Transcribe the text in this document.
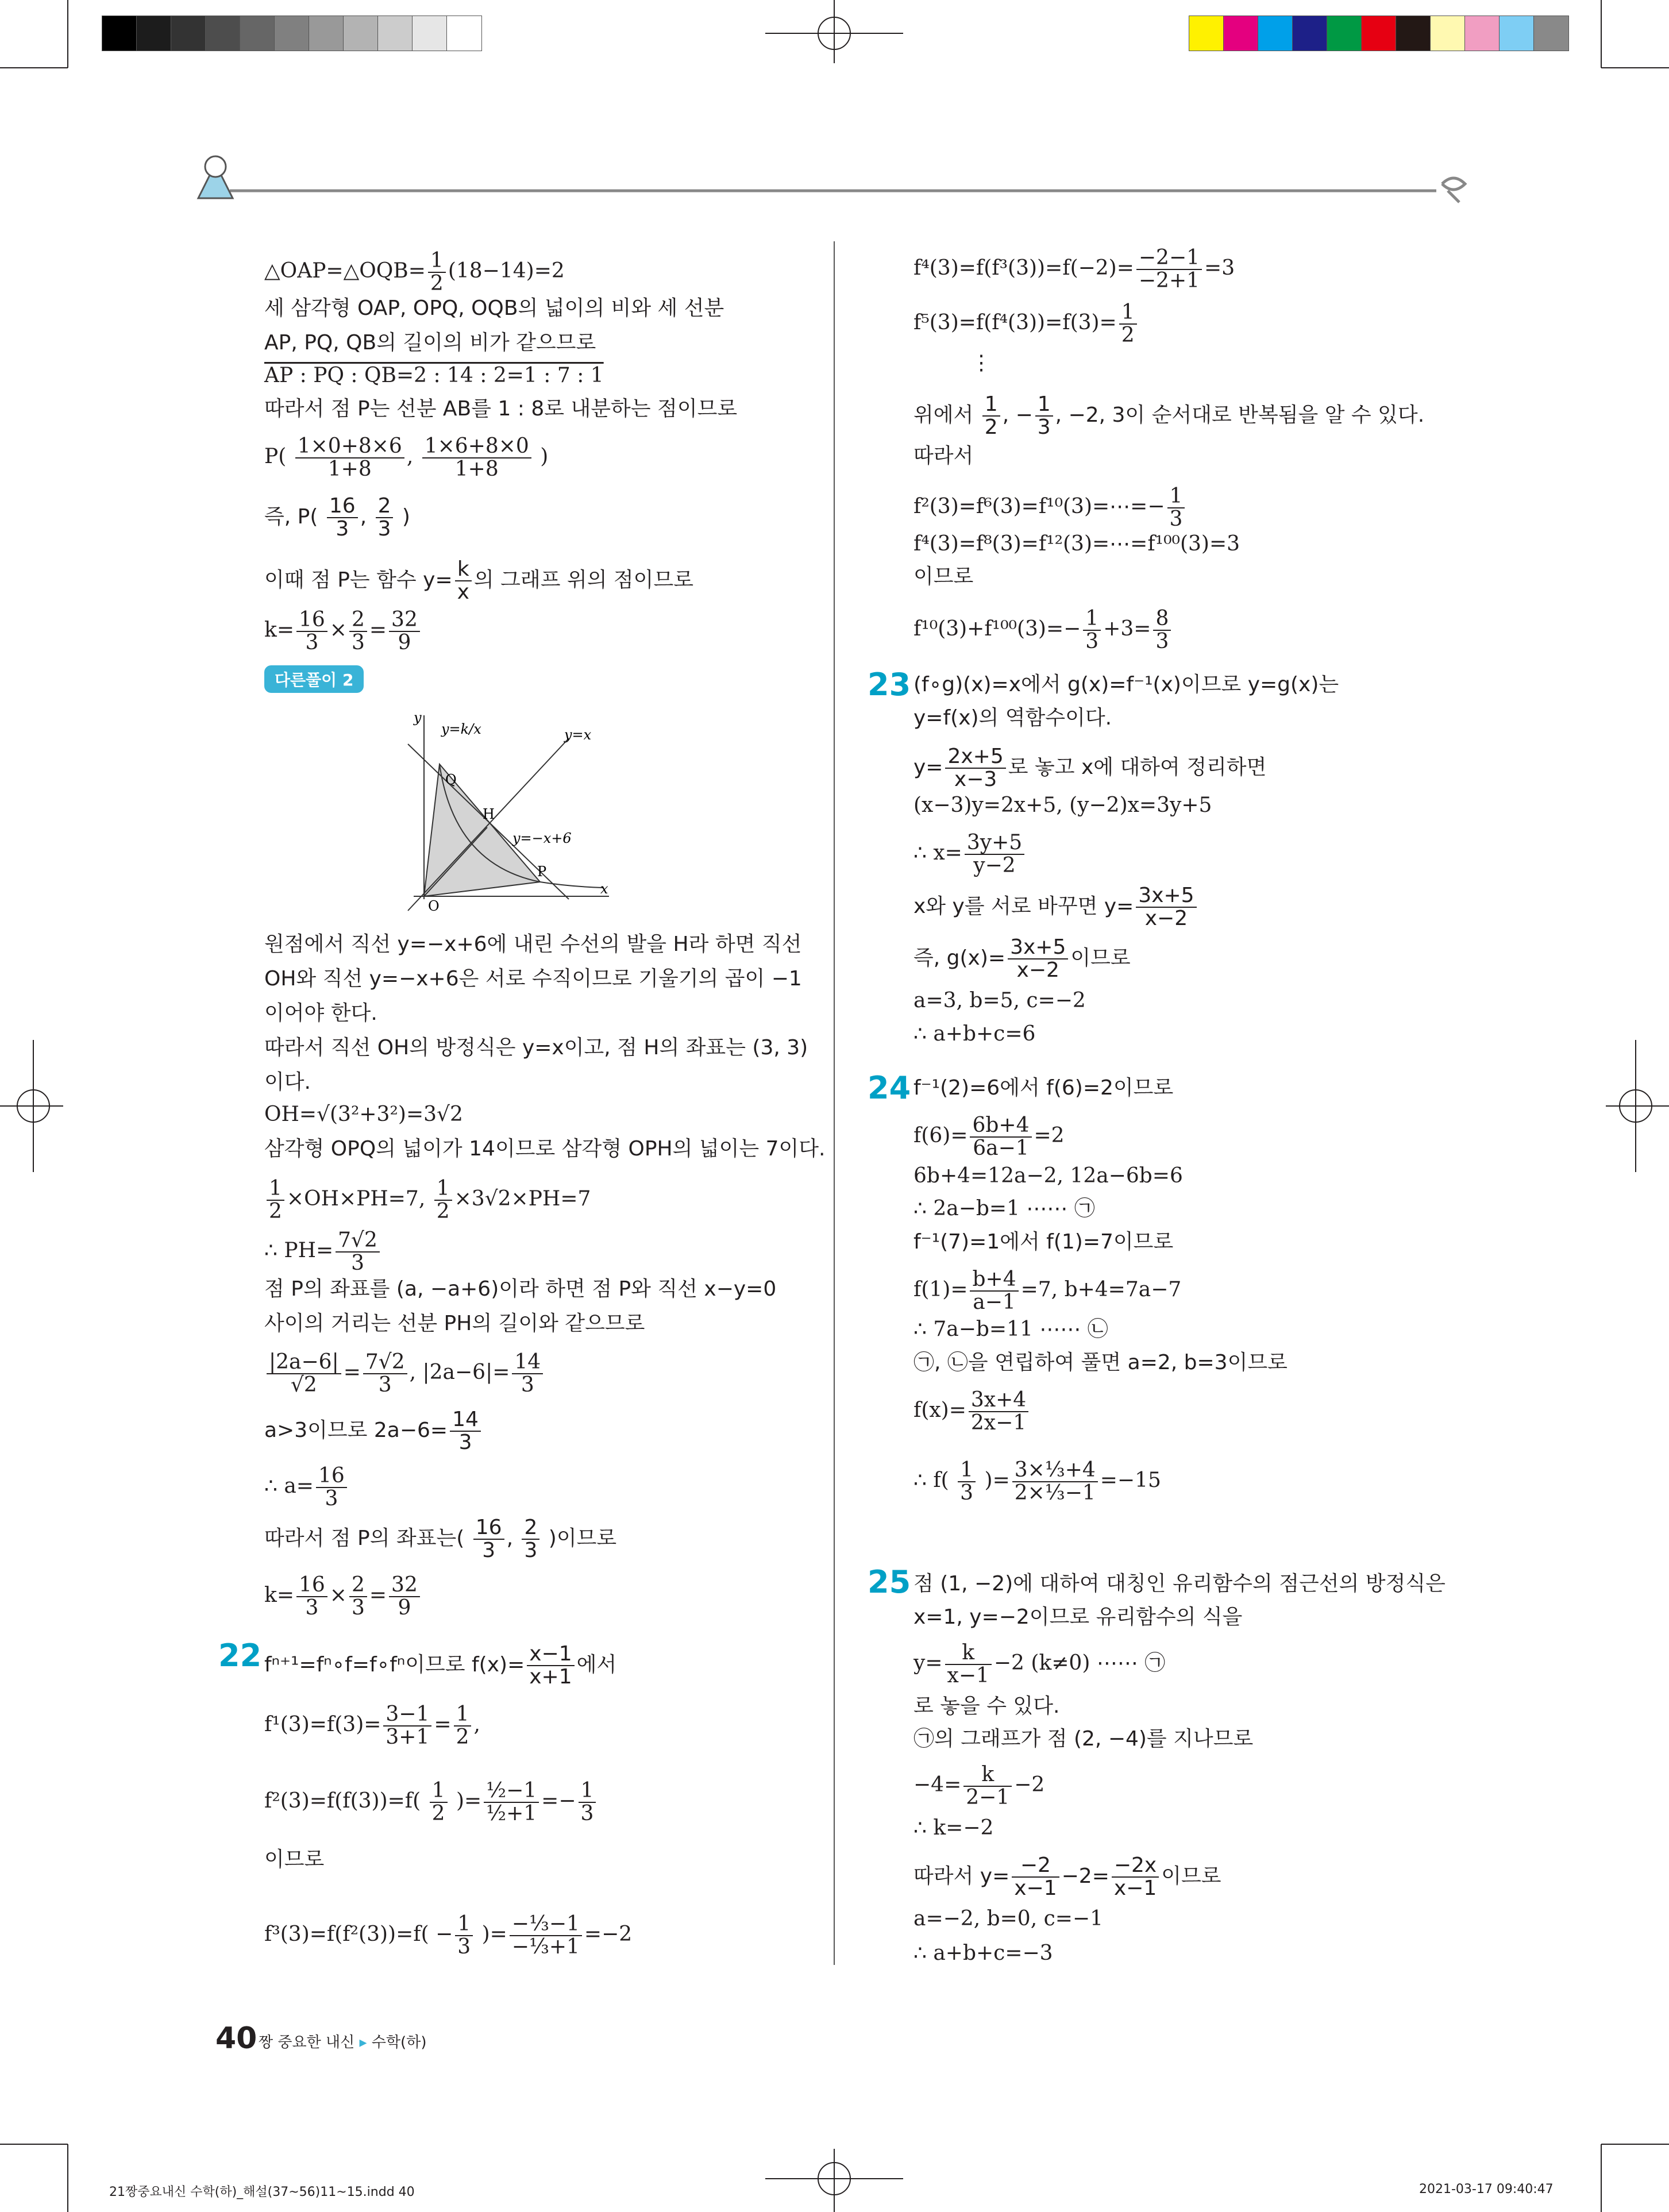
△OAP=△OQB= $\frac{1}{2} (18-14)=2$
세 삼각형 OAP, OPQ, OQB의 넓이의 비와 세 선분
AP, PQ, QB의 길이의 비가 같으므로
AP : PQ : QB=2 : 14 : 2=1 : 7 : 1
따라서 점 P는 선분 AB를 1 : 8로 내분하는 점이므로
$P( \frac{1\times 0+8\times 6}{1+8}$ , $\frac{1\times 6+8\times 0}{1+8}$ )
즉, $P( \frac{16}{3}$ , $\frac{2}{3}$ )
이때 점 P는 함수 $y= \frac{k}{x}$ 의 그래프 위의 점이므로
$k= \frac{16}{3} \times \frac{2}{3} = \frac{32}{9}$
다른풀이 2
y
x
y=k/x	y=x
y=−x+6
Q
H
P
O
원점에서 직선 y=−x+6에 내린 수선의 발을 H라 하면 직선
OH와 직선 y=−x+6은 서로 수직이므로 기울기의 곱이 −1
이어야 한다.
따라서 직선 OH의 방정식은 y=x이고, 점 H의 좌표는 (3, 3)
이다.
OH=√(3²+3²)=3√2
삼각형 OPQ의 넓이가 14이므로 삼각형 OPH의 넓이는 7이다.
$\frac{1}{2} \times OH\times PH=7$, $\frac{1}{2} \times 3√2\times PH=7$
∴ $PH= \frac{7√2}{3}$
점 P의 좌표를 (a, −a+6)이라 하면 점 P와 직선 x−y=0
사이의 거리는 선분 PH의 길이와 같으므로
$\frac{|2a-6|}{√2} = \frac{7√2}{3}$ , $|2a-6|= \frac{14}{3}$
a>3이므로 $2a-6= \frac{14}{3}$
∴ $a= \frac{16}{3}$
따라서 점 P의 좌표는( $\frac{16}{3}$ , $\frac{2}{3}$ )이므로
$k= \frac{16}{3} \times \frac{2}{3} = \frac{32}{9}$
22 fⁿ⁺¹=fⁿ∘f=f∘fⁿ이므로 $f(x)= \frac{x-1}{x+1}$ 에서
$f^1(3)=f(3)= \frac{3-1}{3+1} = \frac{1}{2}$ ,
$f^2(3)=f(f(3))=f( \frac{1}{2}$ )= $\frac{\text{½−1}}{\text{½+1}} =- \frac{1}{3}$
이므로
$f^3(3)=f(f^2(3))=f( - \frac{1}{3}$ )= $\frac{\text{−⅓−1}}{\text{−⅓+1}} =-2$
$f^4(3)=f(f^3(3))=f(-2)= \frac{-2-1}{-2+1} =3$
$f^5(3)=f(f^4(3))=f(3)= \frac{1}{2}$
⋮
위에서 $\frac{1}{2}$ , − $\frac{1}{3}$ , −2, 3이 순서대로 반복됨을 알 수 있다.
따라서
f²(3)=f⁶(3)=f¹⁰(3)=⋯=− $\frac{1}{3}$
f⁴(3)=f⁸(3)=f¹²(3)=⋯=f¹⁰⁰(3)=3
이므로
$f^{10}(3)+f^{100}(3)=- \frac{1}{3} +3= \frac{8}{3}$
23 (f∘g)(x)=x에서 g(x)=f⁻¹(x)이므로 y=g(x)는
y=f(x)의 역함수이다.
$y= \frac{2x+5}{x-3}$ 로 놓고 x에 대하여 정리하면
(x−3)y=2x+5, (y−2)x=3y+5
∴ $x= \frac{3y+5}{y-2}$
x와 y를 서로 바꾸면 $y= \frac{3x+5}{x-2}$
즉, $g(x)= \frac{3x+5}{x-2}$ 이므로
a=3, b=5, c=−2
∴ a+b+c=6
24 f⁻¹(2)=6에서 f(6)=2이므로
$f(6)= \frac{6b+4}{6a-1} =2$
6b+4=12a−2, 12a−6b=6
∴ 2a−b=1 ⋯⋯ ㉠
f⁻¹(7)=1에서 f(1)=7이므로
$f(1)= \frac{b+4}{a-1} =7$, b+4=7a−7
∴ 7a−b=11 ⋯⋯ ㉡
㉠, ㉡을 연립하여 풀면 a=2, b=3이므로
$f(x)= \frac{3x+4}{2x-1}$
∴ $f( \frac{1}{3}$ )= $\frac{\text{3×⅓+4}}{\text{2×⅓−1}} =-15$
25 점 (1, −2)에 대하여 대칭인 유리함수의 점근선의 방정식은
x=1, y=−2이므로 유리함수의 식을
$y= \frac{k}{x-1} -2$ (k≠0) ⋯⋯ ㉠
로 놓을 수 있다.
㉠의 그래프가 점 (2, −4)를 지나므로
$-4= \frac{k}{2-1} -2$
∴ k=−2
따라서 $y= \frac{-2}{x-1} -2= \frac{-2x}{x-1}$ 이므로
a=−2, b=0, c=−1
∴ a+b+c=−3
40 짱 중요한 내신 ▸ 수학(하)
21짱중요내신 수학(하)_해설(37~56)11~15.indd 40	2021-03-17 09:40:47
